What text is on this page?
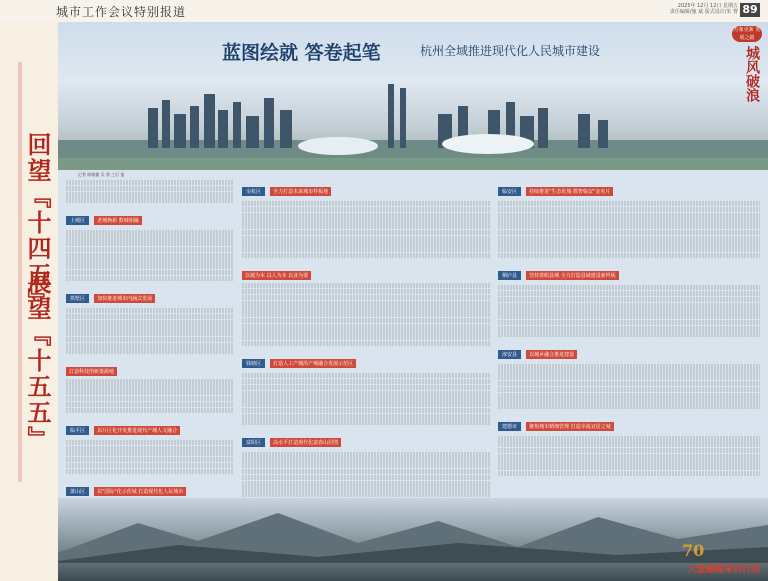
城市工作会议特别报道	2025年 12月 12日 星期五
责任编辑/施 斌 版式设计/朱 曹 89
回望『十四五』
展望『十五五』
蓝图绘就 答卷起笔	杭州全域推进现代化人民城市建设
万象更新 发展之路
城风破浪
记者 陈敏捷 吴 勇 之后 报
上城区 老城焕新 数城相融
拱墅区 加快推进城市内涵式发展
打造科技创新策源地
临平区 以片区化开发推进现代产城人文融合
萧山区 以"国际"化示范城 打造现代化人民城市
余杭区 全力打造未来城市样板地
以城为本 以人为本 以业为要
钱塘区 打造人工产城沿产城融合发展示范区
富阳区 高水平打造现代化富春山居图
临安区 持续推进"生态化城·数智临安"金名片
桐庐县 坚持着眼县城 全力打造县域建设新样板
淳安县 以城乡融合推进建设
建德市 聚焦城市精细管理 打造幸福宜居之城
70
大盘融媒采访行动
